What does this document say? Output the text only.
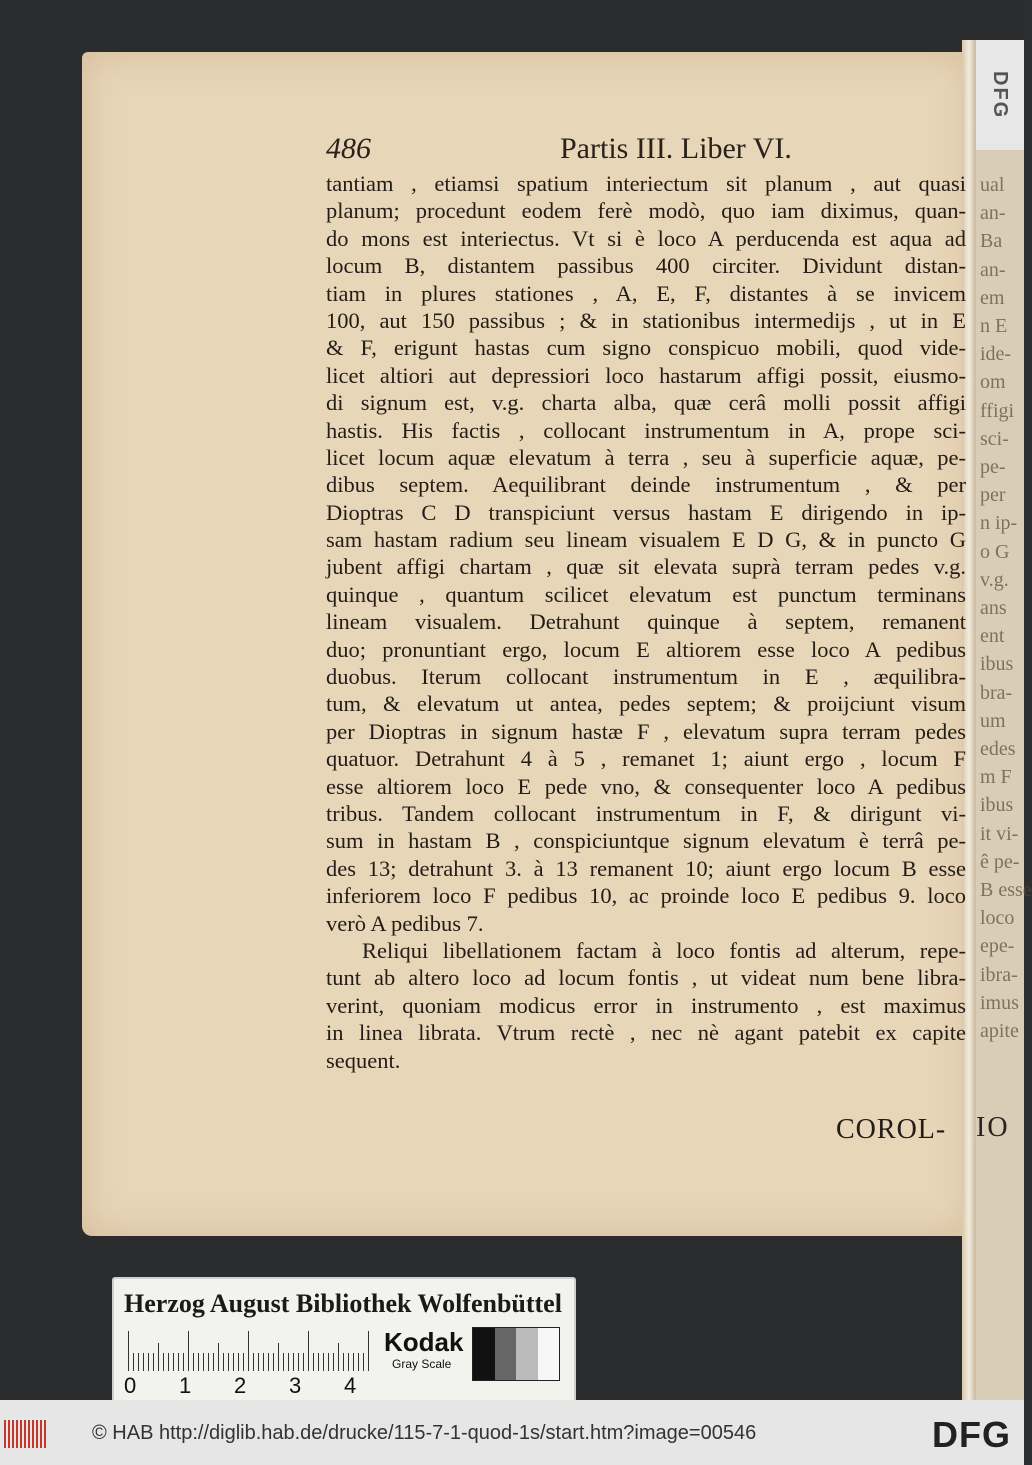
ual
an-
Ba
an-
em
n E
ide-
om
ffigi
sci-
pe-
per
n ip-
o G
v.g.
ans
ent
ibus
bra-
um
edes
m F
ibus
it vi-
ê pe-
B esse
loco
epe-
ibra-
imus
apite
IO
DFG
486	Partis III. Liber VI.
tantiam , etiamsi spatium interiectum sit planum , aut quasi
planum; procedunt eodem ferè modò, quo iam diximus, quan-
do mons est interiectus. Vt si è loco A perducenda est aqua ad
locum B, distantem passibus 400 circiter. Dividunt distan-
tiam in plures stationes , A, E, F, distantes à se invicem
100, aut 150 passibus ; & in stationibus intermedijs , ut in E
& F, erigunt hastas cum signo conspicuo mobili, quod vide-
licet altiori aut depressiori loco hastarum affigi possit, eiusmo-
di signum est, v.g. charta alba, quæ cerâ molli possit affigi
hastis. His factis , collocant instrumentum in A, prope sci-
licet locum aquæ elevatum à terra , seu à superficie aquæ, pe-
dibus septem. Aequilibrant deinde instrumentum , & per
Dioptras C D transpiciunt versus hastam E dirigendo in ip-
sam hastam radium seu lineam visualem E D G, & in puncto G
jubent affigi chartam , quæ sit elevata suprà terram pedes v.g.
quinque , quantum scilicet elevatum est punctum terminans
lineam visualem. Detrahunt quinque à septem, remanent
duo; pronuntiant ergo, locum E altiorem esse loco A pedibus
duobus. Iterum collocant instrumentum in E , æquilibra-
tum, & elevatum ut antea, pedes septem; & proijciunt visum
per Dioptras in signum hastæ F , elevatum supra terram pedes
quatuor. Detrahunt 4 à 5 , remanet 1; aiunt ergo , locum F
esse altiorem loco E pede vno, & consequenter loco A pedibus
tribus. Tandem collocant instrumentum in F, & dirigunt vi-
sum in hastam B , conspiciuntque signum elevatum è terrâ pe-
des 13; detrahunt 3. à 13 remanent 10; aiunt ergo locum B esse
inferiorem loco F pedibus 10, ac proinde loco E pedibus 9. loco
verò A pedibus 7.
Reliqui libellationem factam à loco fontis ad alterum, repe-
tunt ab altero loco ad locum fontis , ut videat num bene libra-
verint, quoniam modicus error in instrumento , est maximus
in linea librata. Vtrum rectè , nec nè agant patebit ex capite
sequent.
COROL-
Herzog August Bibliothek Wolfenbüttel
0 1 2 3 4
Kodak
Gray Scale
© HAB http://diglib.hab.de/drucke/115-7-1-quod-1s/start.htm?image=00546	DFG
